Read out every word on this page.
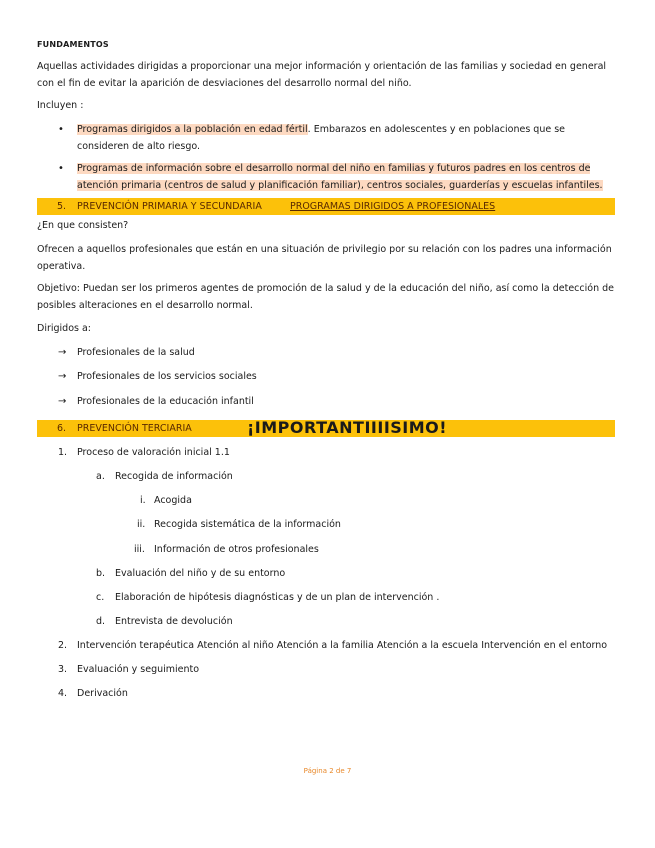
FUNDAMENTOS
Aquellas actividades dirigidas a proporcionar una mejor información y orientación de las familias y sociedad en general con el fin de evitar la aparición de desviaciones del desarrollo normal del niño.
Incluyen :
• Programas dirigidos a la población en edad fértil. Embarazos en adolescentes y en poblaciones que se consideren de alto riesgo.
• Programas de información sobre el desarrollo normal del niño en familias y futuros padres en los centros de atención primaria (centros de salud y planificación familiar), centros sociales, guarderías y escuelas infantiles.
5. PREVENCIÓN PRIMARIA Y SECUNDARIA	PROGRAMAS DIRIGIDOS A PROFESIONALES
¿En que consisten?
Ofrecen a aquellos profesionales que están en una situación de privilegio por su relación con los padres una información operativa.
Objetivo: Puedan ser los primeros agentes de promoción de la salud y de la educación del niño, así como la detección de posibles alteraciones en el desarrollo normal.
Dirigidos a:
→ Profesionales de la salud
→ Profesionales de los servicios sociales
→ Profesionales de la educación infantil
6. PREVENCIÓN TERCIARIA	¡IMPORTANTIIIISIMO!
1. Proceso de valoración inicial 1.1
a. Recogida de información
i. Acogida
ii. Recogida sistemática de la información
iii. Información de otros profesionales
b. Evaluación del niño y de su entorno
c. Elaboración de hipótesis diagnósticas y de un plan de intervención .
d. Entrevista de devolución
2. Intervención terapéutica Atención al niño Atención a la familia Atención a la escuela Intervención en el entorno
3. Evaluación y seguimiento
4. Derivación
Página 2 de 7
